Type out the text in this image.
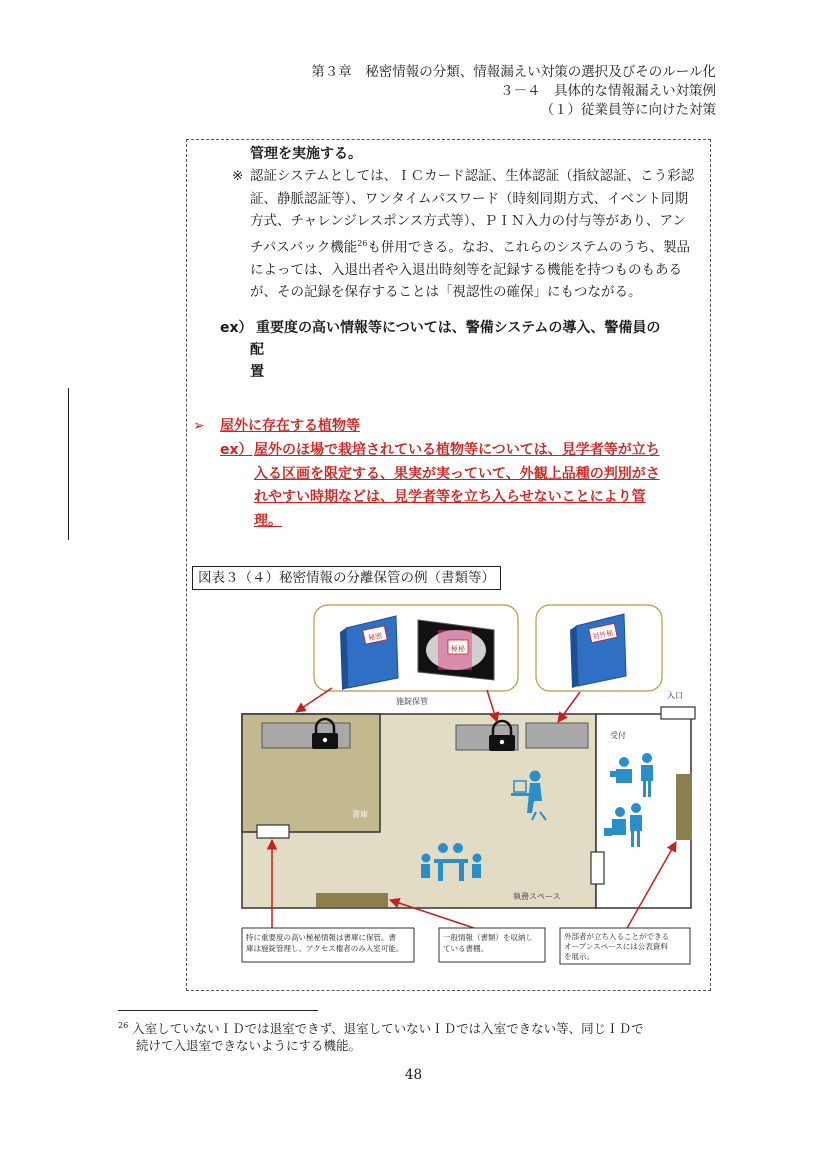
第３章　秘密情報の分類、情報漏えい対策の選択及びそのルール化
３－４　具体的な情報漏えい対策例
（１）従業員等に向けた対策
管理を実施する。
※ 認証システムとしては、ＩＣカード認証、生体認証（指紋認証、こう彩認
証、静脈認証等）、ワンタイムパスワード（時刻同期方式、イベント同期
方式、チャレンジレスポンス方式等）、ＰＩＮ入力の付与等があり、アン
チパスバック機能$^{26}$も併用できる。なお、これらのシステムのうち、製品
によっては、入退出者や入退出時刻等を記録する機能を持つものもある
が、その記録を保存することは「視認性の確保」にもつながる。
ex） 重要度の高い情報等については、警備システムの導入、警備員の
配
置
➢ 屋外に存在する植物等
ex） 屋外のほ場で栽培されている植物等については、見学者等が立ち
入る区画を限定する、果実が実っていて、外観上品種の判別がさ
れやすい時期などは、見学者等を立ち入らせないことにより管
理。
図表３（４）秘密情報の分離保管の例（書類等）
秘密
極秘
対外秘
施錠保管
入口
書庫
執務スペース
受付
特に重要度の高い極秘情報は書庫に保管。書
庫は施錠管理し、アクセス権者のみ入室可能。
一般情報（書類）を収納し
ている書棚。
外部者が立ち入ることができる
オープンスペースには公表資料
を展示。
$^{26}$ 入室していないＩＤでは退室できず、退室していないＩＤでは入室できない等、同じＩＤで
続けて入退室できないようにする機能。
48
